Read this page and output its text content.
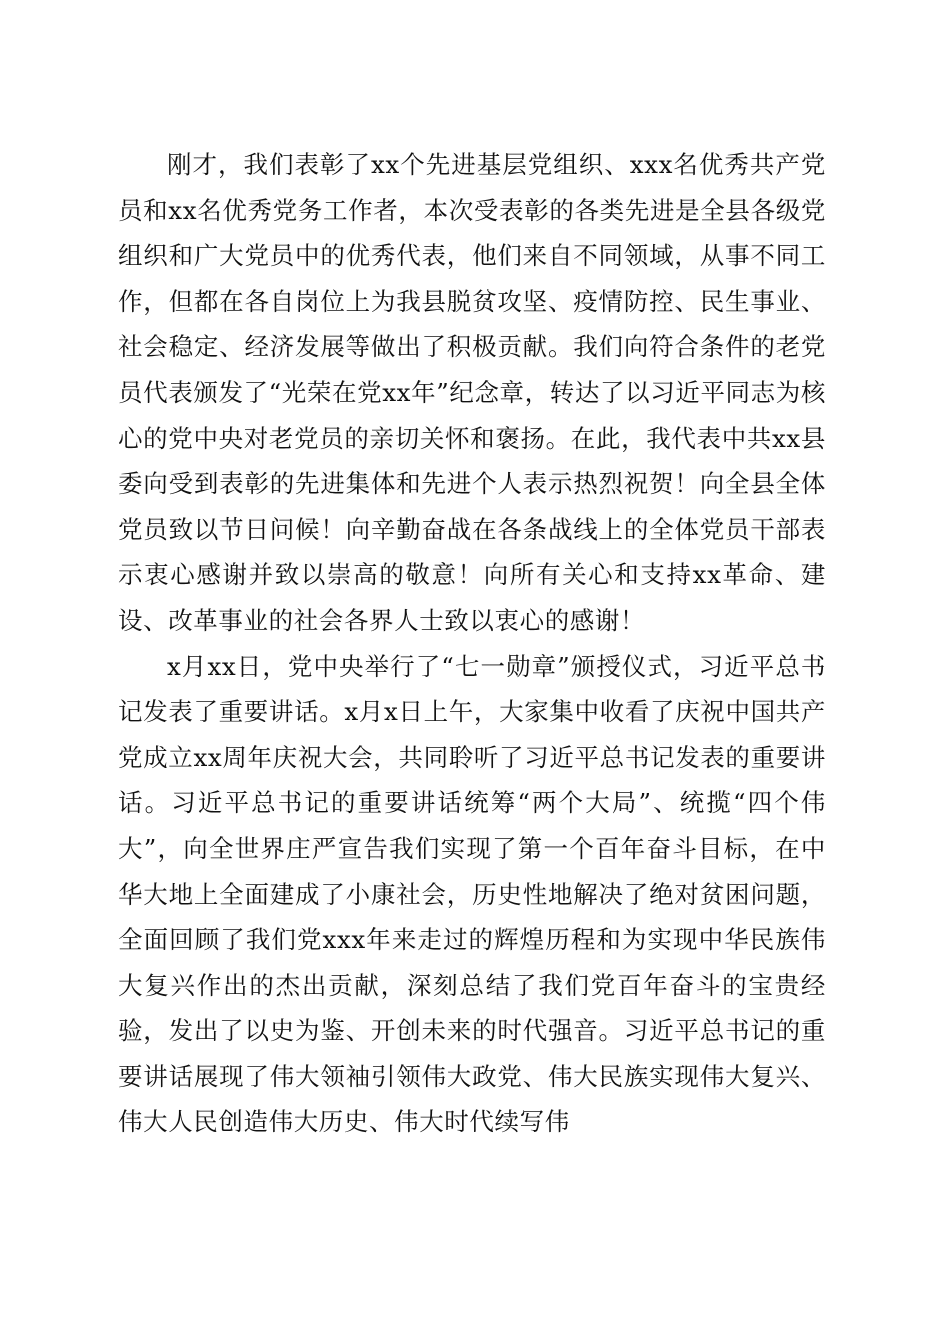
刚才，我们表彰了xx个先进基层党组织、xxx名优秀共产党员和xx名优秀党务工作者，本次受表彰的各类先进是全县各级党组织和广大党员中的优秀代表，他们来自不同领域，从事不同工作，但都在各自岗位上为我县脱贫攻坚、疫情防控、民生事业、社会稳定、经济发展等做出了积极贡献。我们向符合条件的老党员代表颁发了“光荣在党xx年”纪念章，转达了以习近平同志为核心的党中央对老党员的亲切关怀和褒扬。在此，我代表中共xx县委向受到表彰的先进集体和先进个人表示热烈祝贺！向全县全体党员致以节日问候！向辛勤奋战在各条战线上的全体党员干部表示衷心感谢并致以崇高的敬意！向所有关心和支持xx革命、建设、改革事业的社会各界人士致以衷心的感谢！

x月xx日，党中央举行了“七一勋章”颁授仪式，习近平总书记发表了重要讲话。x月x日上午，大家集中收看了庆祝中国共产党成立xx周年庆祝大会，共同聆听了习近平总书记发表的重要讲话。习近平总书记的重要讲话统筹“两个大局”、统揽“四个伟大”，向全世界庄严宣告我们实现了第一个百年奋斗目标，在中华大地上全面建成了小康社会，历史性地解决了绝对贫困问题，全面回顾了我们党xxx年来走过的辉煌历程和为实现中华民族伟大复兴作出的杰出贡献，深刻总结了我们党百年奋斗的宝贵经验，发出了以史为鉴、开创未来的时代强音。习近平总书记的重要讲话展现了伟大领袖引领伟大政党、伟大民族实现伟大复兴、伟大人民创造伟大历史、伟大时代续写伟
